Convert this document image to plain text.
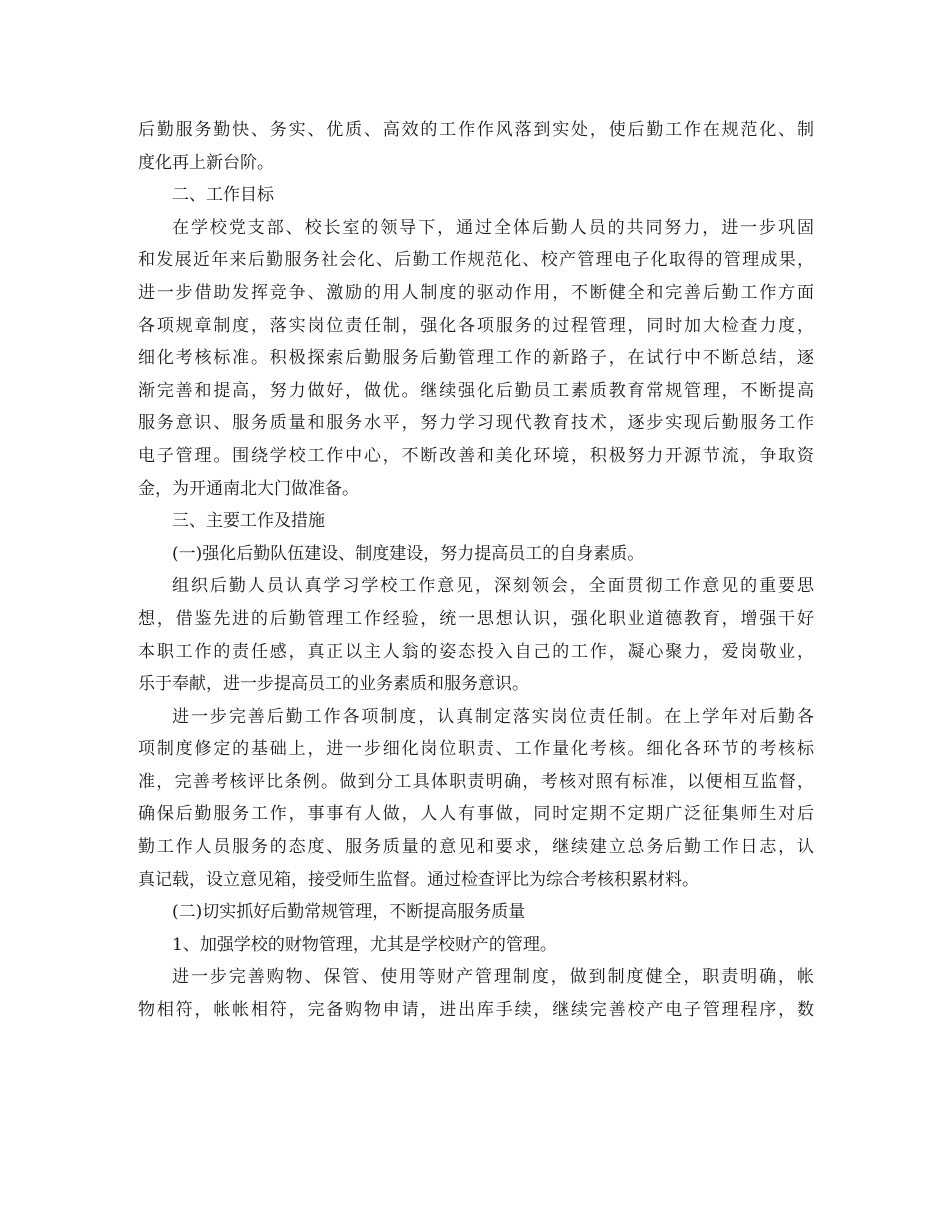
后勤服务勤快、务实、优质、高效的工作作风落到实处，使后勤工作在规范化、制
度化再上新台阶。
二、工作目标
在学校党支部、校长室的领导下，通过全体后勤人员的共同努力，进一步巩固
和发展近年来后勤服务社会化、后勤工作规范化、校产管理电子化取得的管理成果，
进一步借助发挥竞争、激励的用人制度的驱动作用，不断健全和完善后勤工作方面
各项规章制度，落实岗位责任制，强化各项服务的过程管理，同时加大检查力度，
细化考核标准。积极探索后勤服务后勤管理工作的新路子，在试行中不断总结，逐
渐完善和提高，努力做好，做优。继续强化后勤员工素质教育常规管理，不断提高
服务意识、服务质量和服务水平，努力学习现代教育技术，逐步实现后勤服务工作
电子管理。围绕学校工作中心，不断改善和美化环境，积极努力开源节流，争取资
金，为开通南北大门做准备。
三、主要工作及措施
(一)强化后勤队伍建设、制度建设，努力提高员工的自身素质。
组织后勤人员认真学习学校工作意见，深刻领会，全面贯彻工作意见的重要思
想，借鉴先进的后勤管理工作经验，统一思想认识，强化职业道德教育，增强干好
本职工作的责任感，真正以主人翁的姿态投入自己的工作，凝心聚力，爱岗敬业，
乐于奉献，进一步提高员工的业务素质和服务意识。
进一步完善后勤工作各项制度，认真制定落实岗位责任制。在上学年对后勤各
项制度修定的基础上，进一步细化岗位职责、工作量化考核。细化各环节的考核标
准，完善考核评比条例。做到分工具体职责明确，考核对照有标准，以便相互监督，
确保后勤服务工作，事事有人做，人人有事做，同时定期不定期广泛征集师生对后
勤工作人员服务的态度、服务质量的意见和要求，继续建立总务后勤工作日志，认
真记载，设立意见箱，接受师生监督。通过检查评比为综合考核积累材料。
(二)切实抓好后勤常规管理，不断提高服务质量
1、加强学校的财物管理，尤其是学校财产的管理。
进一步完善购物、保管、使用等财产管理制度，做到制度健全，职责明确，帐
物相符，帐帐相符，完备购物申请，进出库手续，继续完善校产电子管理程序，数
